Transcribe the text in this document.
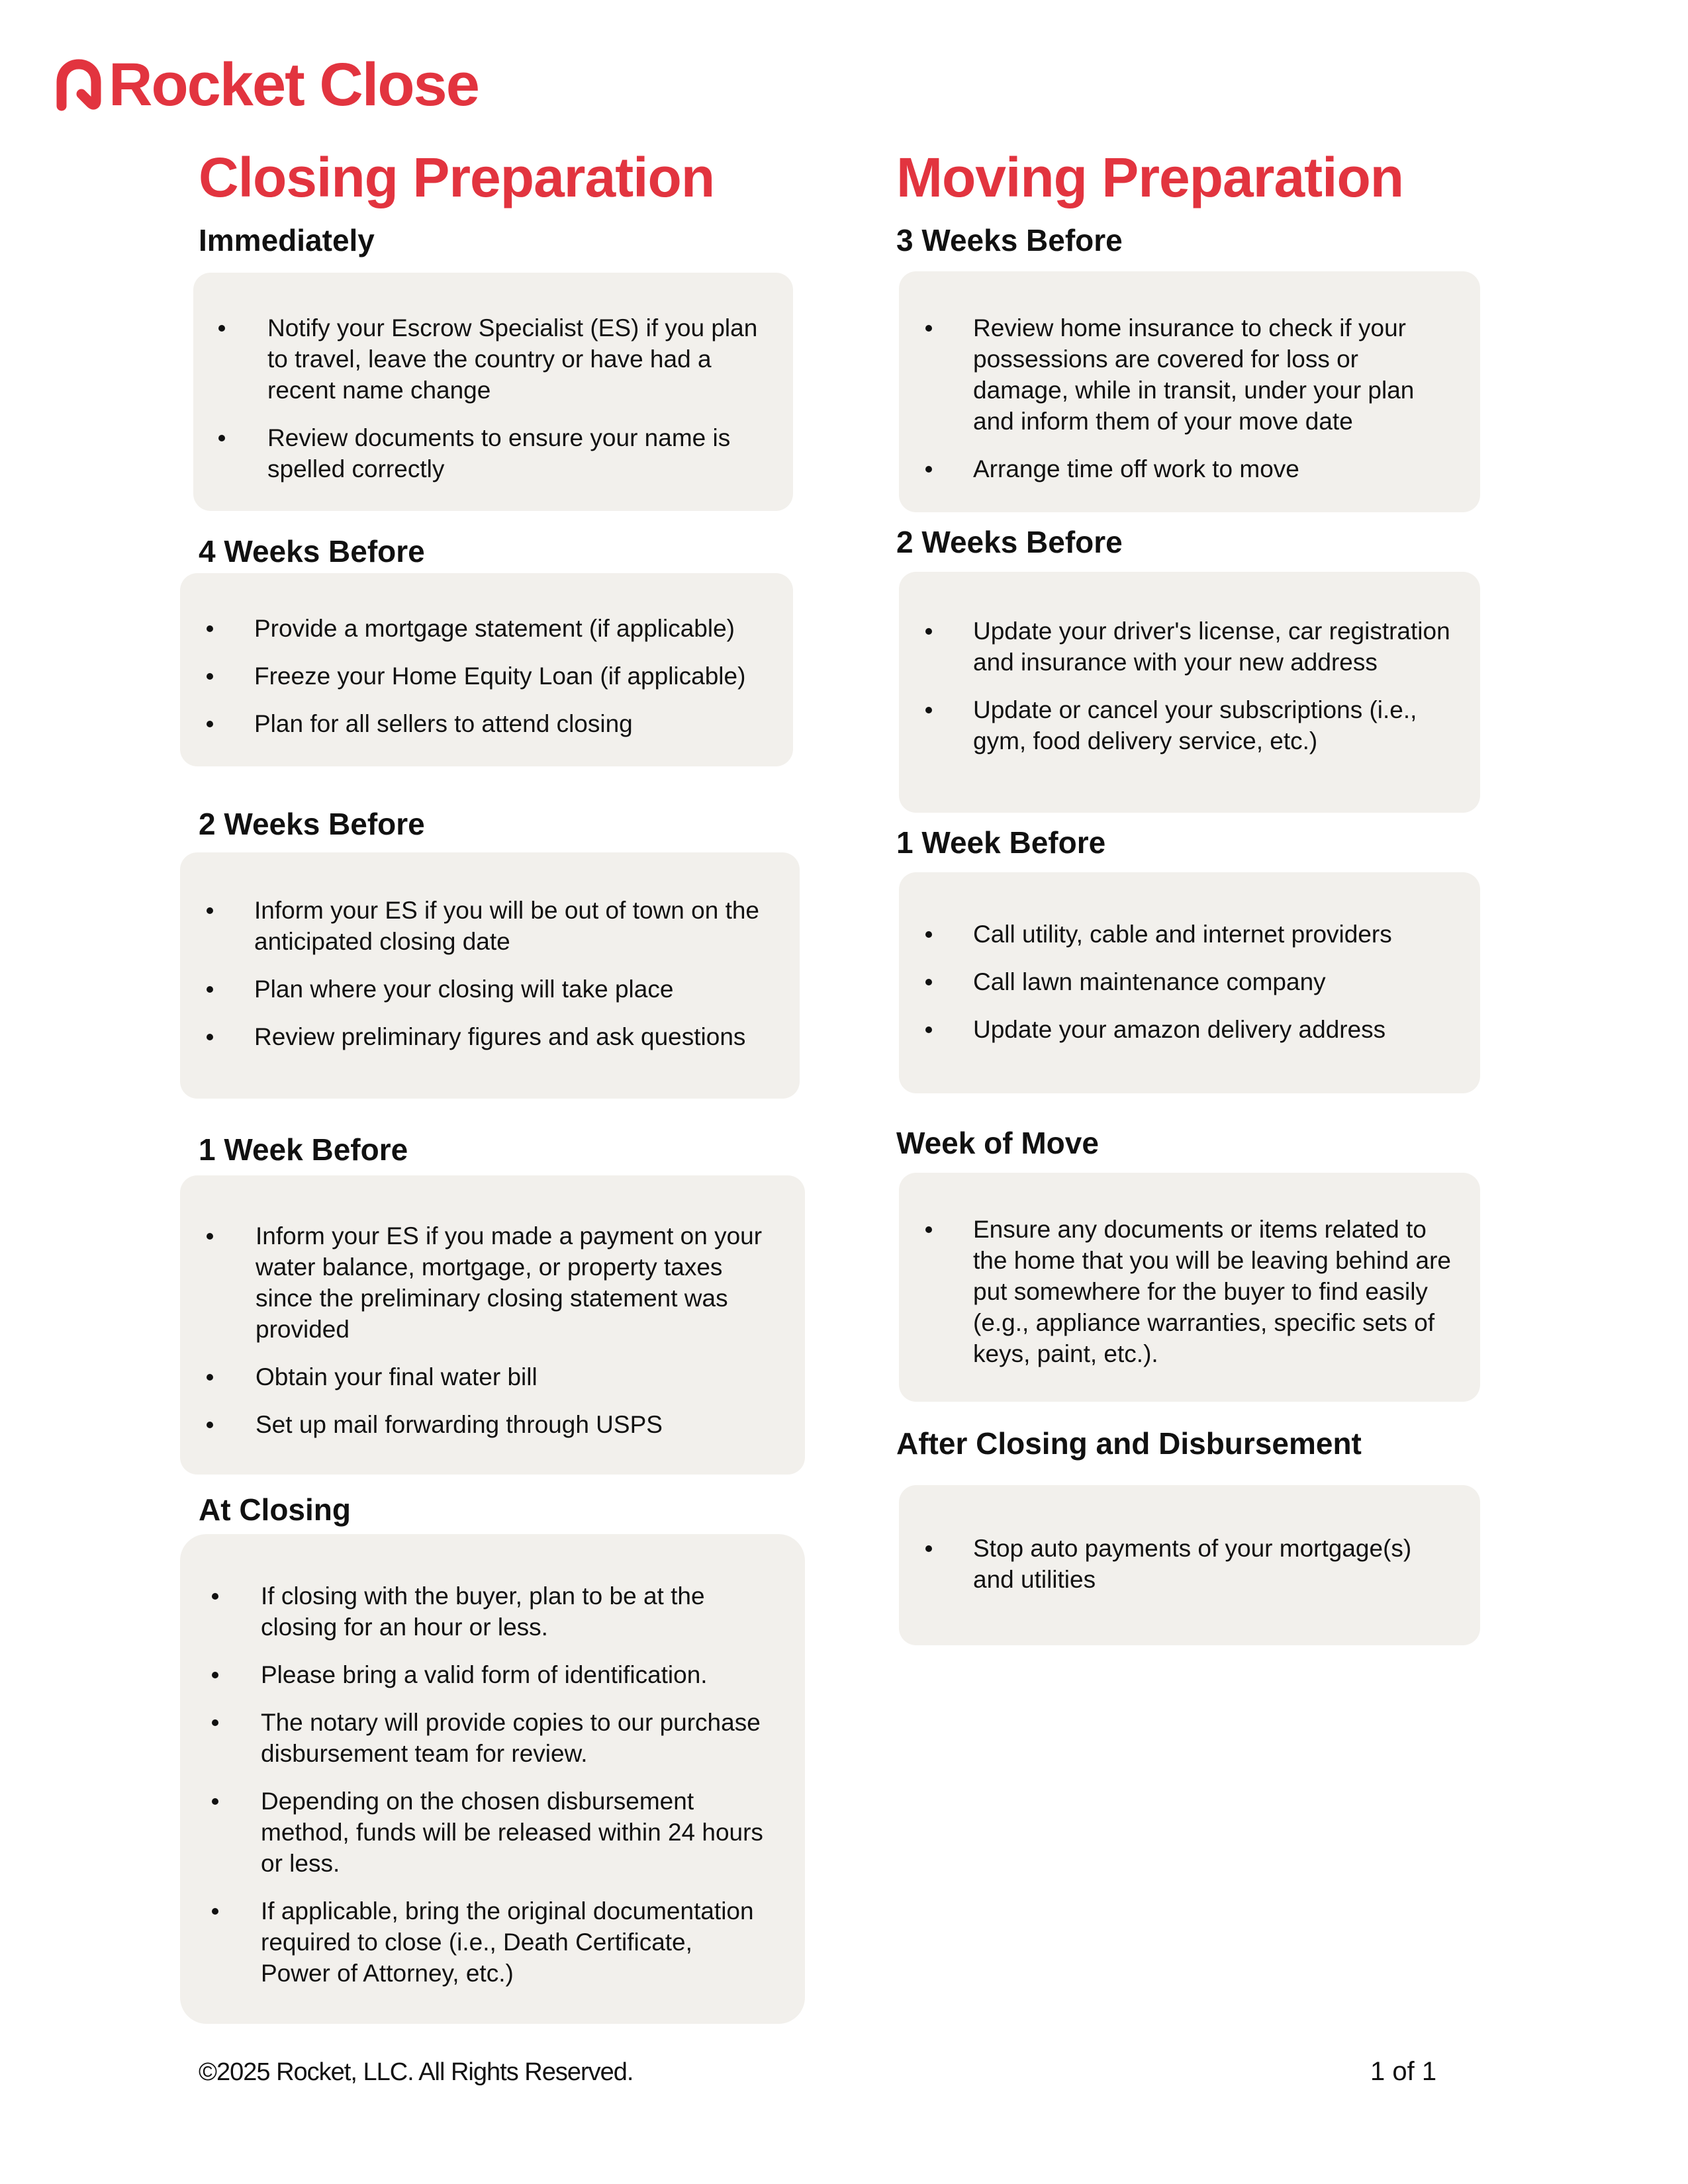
Rocket Close
Closing Preparation
Immediately
Notify your Escrow Specialist (ES) if you plan to travel, leave the country or have had a recent name change
Review documents to ensure your name is spelled correctly
4 Weeks Before
Provide a mortgage statement (if applicable)
Freeze your Home Equity Loan (if applicable)
Plan for all sellers to attend closing
2 Weeks Before
Inform your ES if you will be out of town on the anticipated closing date
Plan where your closing will take place
Review preliminary figures and ask questions
1 Week Before
Inform your ES if you made a payment on your water balance, mortgage, or property taxes since the preliminary closing statement was provided
Obtain your final water bill
Set up mail forwarding through USPS
At Closing
If closing with the buyer, plan to be at the closing for an hour or less.
Please bring a valid form of identification.
The notary will provide copies to our purchase disbursement team for review.
Depending on the chosen disbursement method, funds will be released within 24 hours or less.
If applicable, bring the original documentation required to close (i.e., Death Certificate, Power of Attorney, etc.)
Moving Preparation
3 Weeks Before
Review home insurance to check if your possessions are covered for loss or damage, while in transit, under your plan and inform them of your move date
Arrange time off work to move
2 Weeks Before
Update your driver's license, car registration and insurance with your new address
Update or cancel your subscriptions (i.e., gym, food delivery service, etc.)
1 Week Before
Call utility, cable and internet providers
Call lawn maintenance company
Update your amazon delivery address
Week of Move
Ensure any documents or items related to the home that you will be leaving behind are put somewhere for the buyer to find easily (e.g., appliance warranties, specific sets of keys, paint, etc.).
After Closing and Disbursement
Stop auto payments of your mortgage(s) and utilities
©2025 Rocket, LLC. All Rights Reserved.	1 of 1
